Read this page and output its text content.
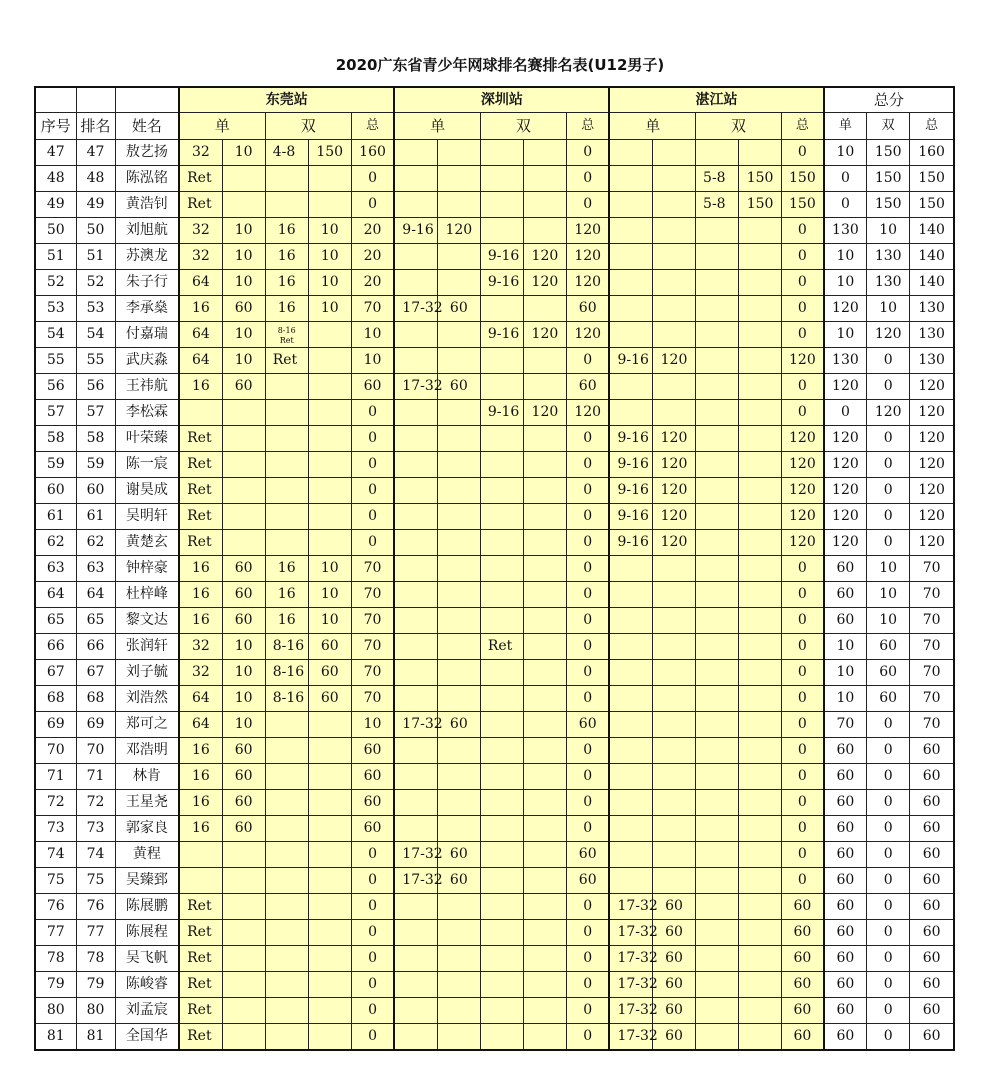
2020广东省青少年网球排名赛排名表(U12男子)
			东莞站					深圳站					湛江站					总分		
序号	排名	姓名	单		双		总	单		双		总	单		双		总	单	双	总
47	47	敖艺扬	32	10	4-8	150	160					0					0	10	150	160
48	48	陈泓铭	Ret				0					0			5-8	150	150	0	150	150
49	49	黄浩钊	Ret				0					0			5-8	150	150	0	150	150
50	50	刘旭航	32	10	16	10	20	9-16	120			120					0	130	10	140
51	51	苏澳龙	32	10	16	10	20			9-16	120	120					0	10	130	140
52	52	朱子行	64	10	16	10	20			9-16	120	120					0	10	130	140
53	53	李承燊	16	60	16	10	70	17-32	60			60					0	120	10	130
54	54	付嘉瑞	64	10	8-16
Ret		10			9-16	120	120					0	10	120	130
55	55	武庆淼	64	10	Ret		10					0	9-16	120			120	130	0	130
56	56	王祎航	16	60			60	17-32	60			60					0	120	0	120
57	57	李松霖					0			9-16	120	120					0	0	120	120
58	58	叶荣臻	Ret				0					0	9-16	120			120	120	0	120
59	59	陈一宸	Ret				0					0	9-16	120			120	120	0	120
60	60	谢昊成	Ret				0					0	9-16	120			120	120	0	120
61	61	吴明轩	Ret				0					0	9-16	120			120	120	0	120
62	62	黄楚玄	Ret				0					0	9-16	120			120	120	0	120
63	63	钟梓豪	16	60	16	10	70					0					0	60	10	70
64	64	杜梓峰	16	60	16	10	70					0					0	60	10	70
65	65	黎文达	16	60	16	10	70					0					0	60	10	70
66	66	张润轩	32	10	8-16	60	70			Ret		0					0	10	60	70
67	67	刘子毓	32	10	8-16	60	70					0					0	10	60	70
68	68	刘浩然	64	10	8-16	60	70					0					0	10	60	70
69	69	郑可之	64	10			10	17-32	60			60					0	70	0	70
70	70	邓浩明	16	60			60					0					0	60	0	60
71	71	林肯	16	60			60					0					0	60	0	60
72	72	王星尧	16	60			60					0					0	60	0	60
73	73	郭家良	16	60			60					0					0	60	0	60
74	74	黄程					0	17-32	60			60					0	60	0	60
75	75	吴臻郅					0	17-32	60			60					0	60	0	60
76	76	陈展鹏	Ret				0					0	17-32	60			60	60	0	60
77	77	陈展程	Ret				0					0	17-32	60			60	60	0	60
78	78	吴飞帆	Ret				0					0	17-32	60			60	60	0	60
79	79	陈峻睿	Ret				0					0	17-32	60			60	60	0	60
80	80	刘孟宸	Ret				0					0	17-32	60			60	60	0	60
81	81	全国华	Ret				0					0	17-32	60			60	60	0	60
